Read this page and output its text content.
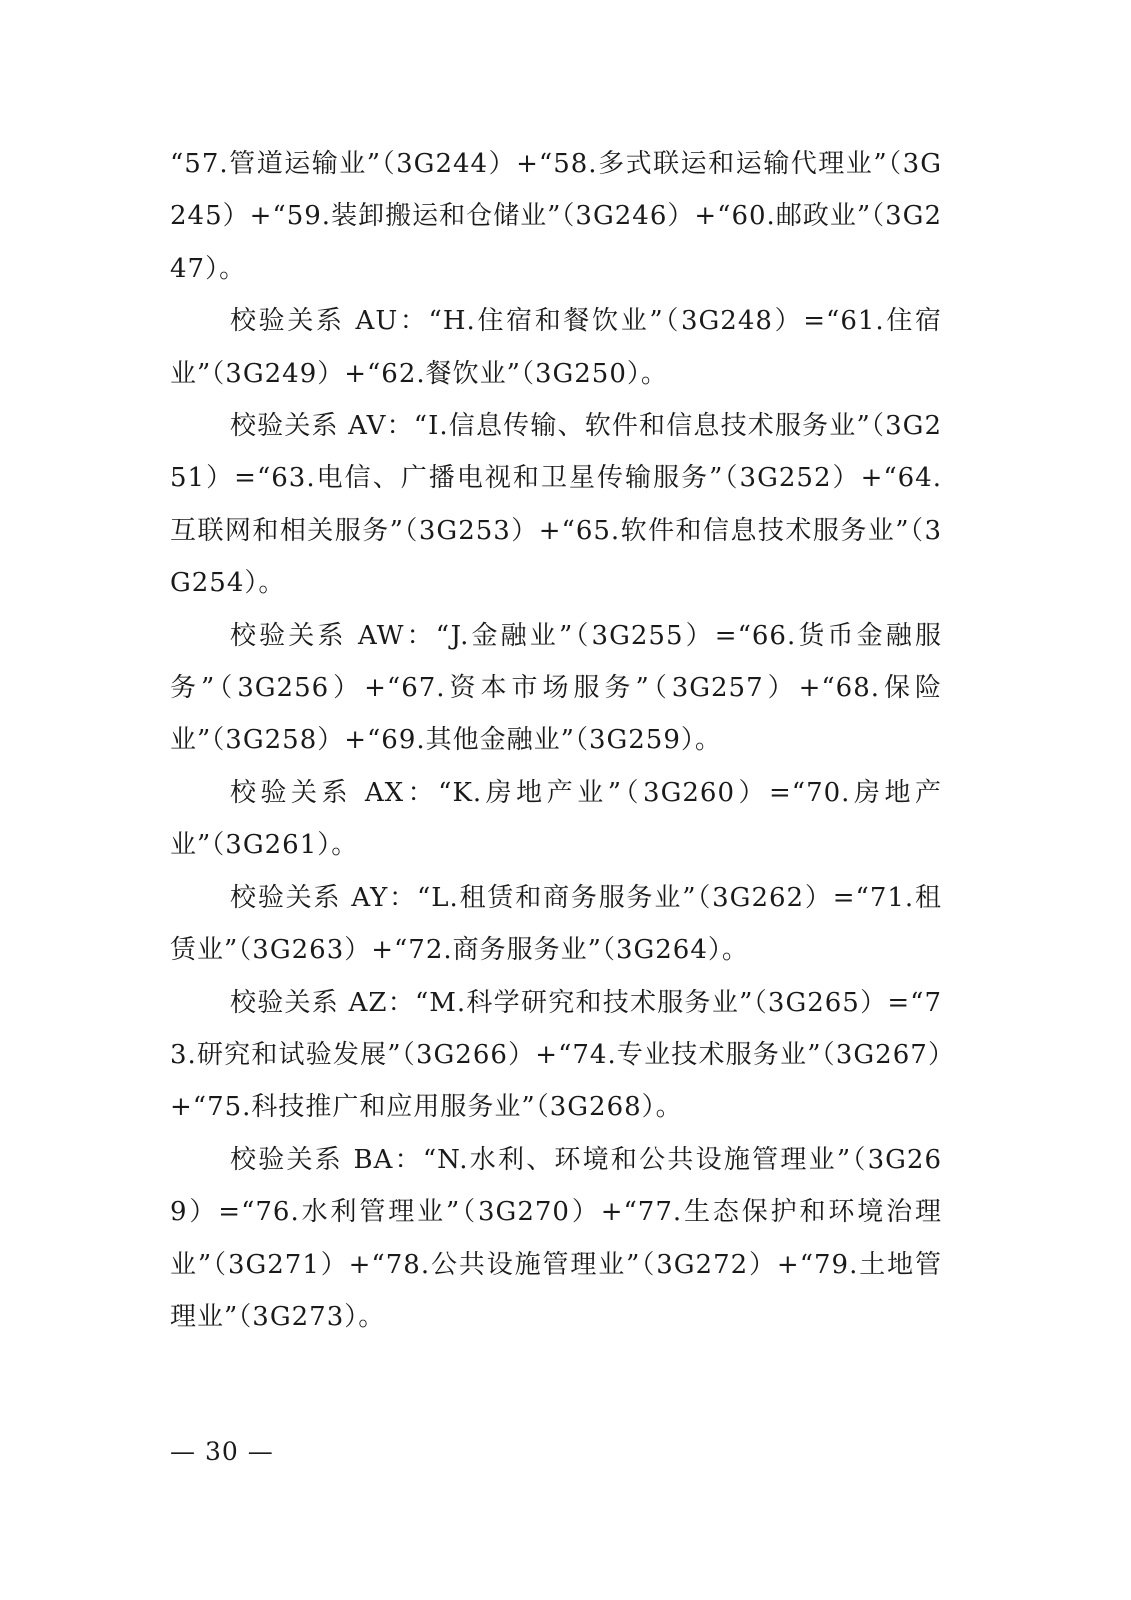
“57.管道运输业”（3G244）+“58.多式联运和运输代理业”（3G245）+“59.装卸搬运和仓储业”（3G246）+“60.邮政业”（3G247）。

校验关系 AU：“H.住宿和餐饮业”（3G248）=“61.住宿业”（3G249）+“62.餐饮业”（3G250）。

校验关系 AV：“I.信息传输、软件和信息技术服务业”（3G251）=“63.电信、广播电视和卫星传输服务”（3G252）+“64.互联网和相关服务”（3G253）+“65.软件和信息技术服务业”（3G254）。

校验关系 AW：“J.金融业”（3G255）=“66.货币金融服务”（3G256）+“67.资本市场服务”（3G257）+“68.保险业”（3G258）+“69.其他金融业”（3G259）。

校验关系 AX：“K.房地产业”（3G260）=“70.房地产业”（3G261）。

校验关系 AY：“L.租赁和商务服务业”（3G262）=“71.租赁业”（3G263）+“72.商务服务业”（3G264）。

校验关系 AZ：“M.科学研究和技术服务业”（3G265）=“73.研究和试验发展”（3G266）+“74.专业技术服务业”（3G267）+“75.科技推广和应用服务业”（3G268）。

校验关系 BA：“N.水利、环境和公共设施管理业”（3G269）=“76.水利管理业”（3G270）+“77.生态保护和环境治理业”（3G271）+“78.公共设施管理业”（3G272）+“79.土地管理业”（3G273）。

— 30 —
